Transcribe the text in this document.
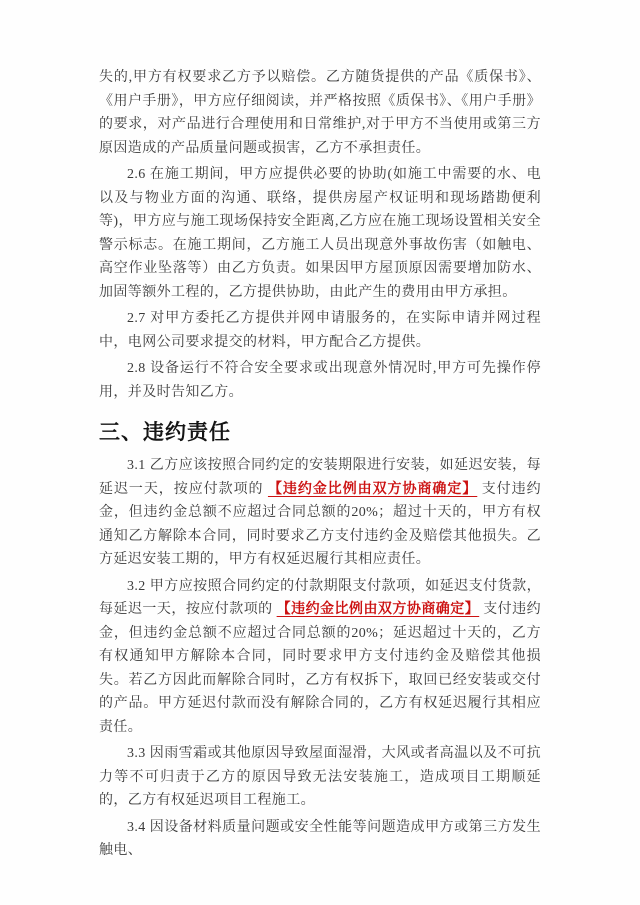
失的,甲方有权要求乙方予以赔偿。乙方随货提供的产品《质保书》、《用户手册》，甲方应仔细阅读，并严格按照《质保书》、《用户手册》的要求，对产品进行合理使用和日常维护,对于甲方不当使用或第三方原因造成的产品质量问题或损害，乙方不承担责任。

2.6 在施工期间，甲方应提供必要的协助(如施工中需要的水、电以及与物业方面的沟通、联络，提供房屋产权证明和现场踏勘便利等)，甲方应与施工现场保持安全距离,乙方应在施工现场设置相关安全警示标志。在施工期间，乙方施工人员出现意外事故伤害（如触电、高空作业坠落等）由乙方负责。如果因甲方屋顶原因需要增加防水、加固等额外工程的，乙方提供协助，由此产生的费用由甲方承担。

2.7 对甲方委托乙方提供并网申请服务的，在实际申请并网过程中，电网公司要求提交的材料，甲方配合乙方提供。

2.8 设备运行不符合安全要求或出现意外情况时,甲方可先操作停用，并及时告知乙方。

三、违约责任

3.1 乙方应该按照合同约定的安装期限进行安装，如延迟安装，每延迟一天，按应付款项的 【违约金比例由双方协商确定】 支付违约金，但违约金总额不应超过合同总额的20%；超过十天的，甲方有权通知乙方解除本合同，同时要求乙方支付违约金及赔偿其他损失。乙方延迟安装工期的，甲方有权延迟履行其相应责任。

3.2 甲方应按照合同约定的付款期限支付款项，如延迟支付货款，每延迟一天，按应付款项的 【违约金比例由双方协商确定】 支付违约金，但违约金总额不应超过合同总额的20%；延迟超过十天的，乙方有权通知甲方解除本合同，同时要求甲方支付违约金及赔偿其他损失。若乙方因此而解除合同时，乙方有权拆下，取回已经安装或交付的产品。甲方延迟付款而没有解除合同的，乙方有权延迟履行其相应责任。

3.3 因雨雪霜或其他原因导致屋面湿滑，大风或者高温以及不可抗力等不可归责于乙方的原因导致无法安装施工，造成项目工期顺延的，乙方有权延迟项目工程施工。

3.4 因设备材料质量问题或安全性能等问题造成甲方或第三方发生触电、
